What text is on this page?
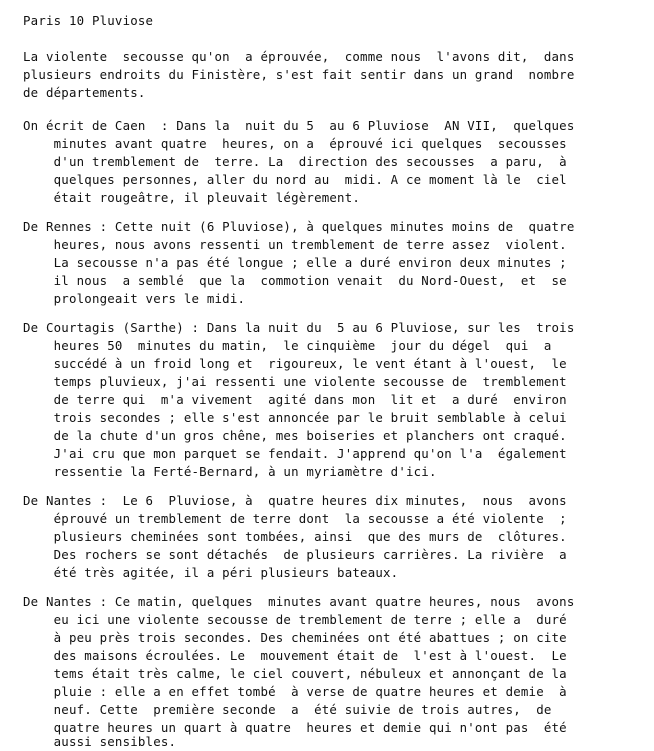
Paris 10 Pluviose

La violente  secousse qu'on  a éprouvée,  comme nous  l'avons dit,  dans

plusieurs endroits du Finistère, s'est fait sentir dans un grand  nombre

de départements.

On écrit de Caen  : Dans la  nuit du 5  au 6 Pluviose  AN VII,  quelques

minutes avant quatre  heures, on a  éprouvé ici quelques  secousses

d'un tremblement de  terre. La  direction des secousses  a paru,  à

quelques personnes, aller du nord au  midi. A ce moment là le  ciel

était rougeâtre, il pleuvait légèrement.

De Rennes : Cette nuit (6 Pluviose), à quelques minutes moins de  quatre

heures, nous avons ressenti un tremblement de terre assez  violent.

La secousse n'a pas été longue ; elle a duré environ deux minutes ;

il nous  a semblé  que la  commotion venait  du Nord-Ouest,  et  se

prolongeait vers le midi.

De Courtagis (Sarthe) : Dans la nuit du  5 au 6 Pluviose, sur les  trois

heures 50  minutes du matin,  le cinquième  jour du dégel  qui  a

succédé à un froid long et  rigoureux, le vent étant à l'ouest,  le

temps pluvieux, j'ai ressenti une violente secousse de  tremblement

de terre qui  m'a vivement  agité dans mon  lit et  a duré  environ

trois secondes ; elle s'est annoncée par le bruit semblable à celui

de la chute d'un gros chêne, mes boiseries et planchers ont craqué.

J'ai cru que mon parquet se fendait. J'apprend qu'on l'a  également

ressentie la Ferté-Bernard, à un myriamètre d'ici.

De Nantes :  Le 6  Pluviose, à  quatre heures dix minutes,  nous  avons

éprouvé un tremblement de terre dont  la secousse a été violente  ;

plusieurs cheminées sont tombées, ainsi  que des murs de  clôtures.

Des rochers se sont détachés  de plusieurs carrières. La rivière  a

été très agitée, il a péri plusieurs bateaux.

De Nantes : Ce matin, quelques  minutes avant quatre heures, nous  avons

eu ici une violente secousse de tremblement de terre ; elle a  duré

à peu près trois secondes. Des cheminées ont été abattues ; on cite

des maisons écroulées. Le  mouvement était de  l'est à l'ouest.  Le

tems était très calme, le ciel couvert, nébuleux et annonçant de la

pluie : elle a en effet tombé  à verse de quatre heures et demie  à

neuf. Cette  première seconde  a  été suivie de trois autres,  de

quatre heures un quart à quatre  heures et demie qui n'ont pas  été

aussi sensibles.
